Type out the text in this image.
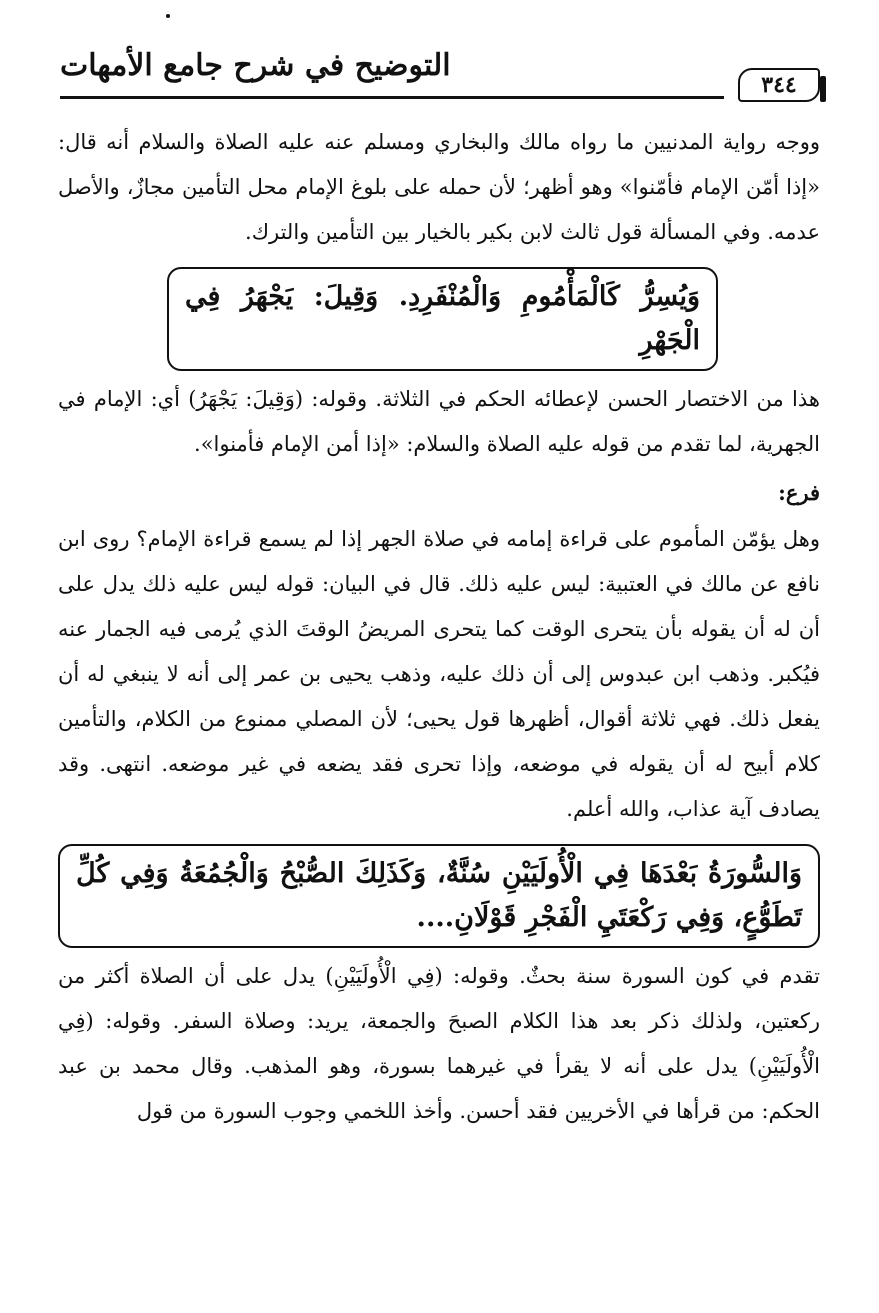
٣٤٤
التوضيح في شرح جامع الأمهات

ووجه رواية المدنيين ما رواه مالك والبخاري ومسلم عنه عليه الصلاة والسلام أنه قال: «إذا أمّن الإمام فأمّنوا» وهو أظهر؛ لأن حمله على بلوغ الإمام محل التأمين مجازٌ، والأصل عدمه. وفي المسألة قول ثالث لابن بكير بالخيار بين التأمين والترك.

وَيُسِرُّ كَالْمَأْمُومِ وَالْمُنْفَرِدِ. وَقِيلَ: يَجْهَرُ فِي الْجَهْرِ

هذا من الاختصار الحسن لإعطائه الحكم في الثلاثة. وقوله: (وَقِيلَ: يَجْهَرُ) أي: الإمام في الجهرية، لما تقدم من قوله عليه الصلاة والسلام: «إذا أمن الإمام فأمنوا».

فرع:

وهل يؤمّن المأموم على قراءة إمامه في صلاة الجهر إذا لم يسمع قراءة الإمام؟ روى ابن نافع عن مالك في العتبية: ليس عليه ذلك. قال في البيان: قوله ليس عليه ذلك يدل على أن له أن يقوله بأن يتحرى الوقت كما يتحرى المريضُ الوقتَ الذي يُرمى فيه الجمار عنه فيُكبر. وذهب ابن عبدوس إلى أن ذلك عليه، وذهب يحيى بن عمر إلى أنه لا ينبغي له أن يفعل ذلك. فهي ثلاثة أقوال، أظهرها قول يحيى؛ لأن المصلي ممنوع من الكلام، والتأمين كلام أبيح له أن يقوله في موضعه، وإذا تحرى فقد يضعه في غير موضعه. انتهى. وقد يصادف آية عذاب، والله أعلم.

وَالسُّورَةُ بَعْدَهَا فِي الْأُولَيَيْنِ سُنَّةٌ، وَكَذَلِكَ الصُّبْحُ وَالْجُمُعَةُ وَفِي كُلِّ تَطَوُّعٍ، وَفِي رَكْعَتَيِ الْفَجْرِ قَوْلَانِ....

تقدم في كون السورة سنة بحثٌ. وقوله: (فِي الْأُولَيَيْنِ) يدل على أن الصلاة أكثر من ركعتين، ولذلك ذكر بعد هذا الكلام الصبحَ والجمعة، يريد: وصلاة السفر. وقوله: (فِي الْأُولَيَيْنِ) يدل على أنه لا يقرأ في غيرهما بسورة، وهو المذهب. وقال محمد بن عبد الحكم: من قرأها في الأخريين فقد أحسن. وأخذ اللخمي وجوب السورة من قول
